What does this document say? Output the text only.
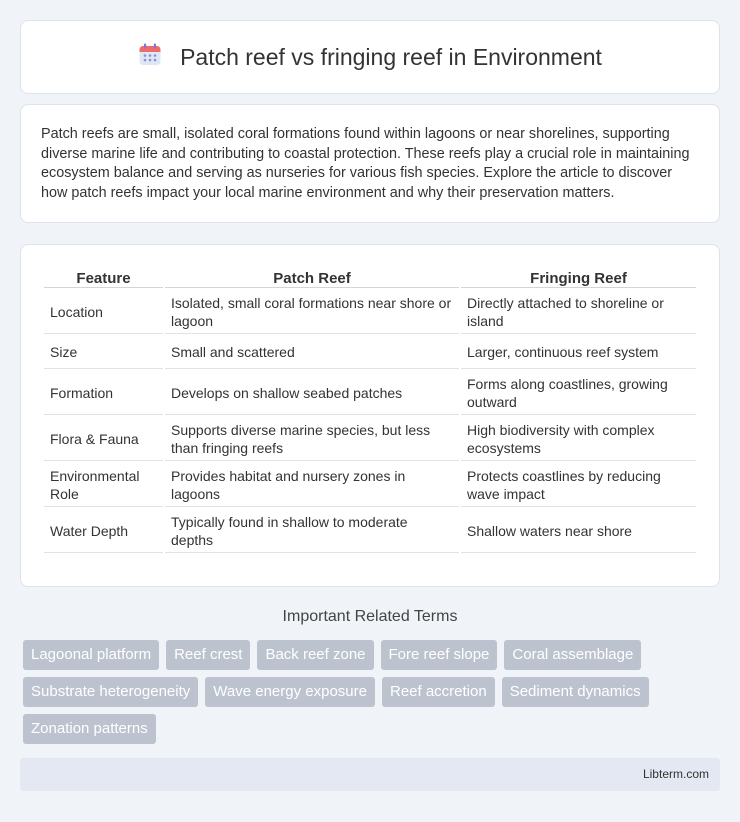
Patch reef vs fringing reef in Environment

Patch reefs are small, isolated coral formations found within lagoons or near shorelines, supporting diverse marine life and contributing to coastal protection. These reefs play a crucial role in maintaining ecosystem balance and serving as nurseries for various fish species. Explore the article to discover how patch reefs impact your local marine environment and why their preservation matters.

Feature	Patch Reef	Fringing Reef
Location	Isolated, small coral formations near shore or lagoon	Directly attached to shoreline or island
Size	Small and scattered	Larger, continuous reef system
Formation	Develops on shallow seabed patches	Forms along coastlines, growing outward
Flora & Fauna	Supports diverse marine species, but less than fringing reefs	High biodiversity with complex ecosystems
Environmental Role	Provides habitat and nursery zones in lagoons	Protects coastlines by reducing wave impact
Water Depth	Typically found in shallow to moderate depths	Shallow waters near shore
Important Related Terms
Lagoonal platform	Reef crest	Back reef zone	Fore reef slope	Coral assemblage
Substrate heterogeneity	Wave energy exposure	Reef accretion	Sediment dynamics
Zonation patterns
Libterm.com
